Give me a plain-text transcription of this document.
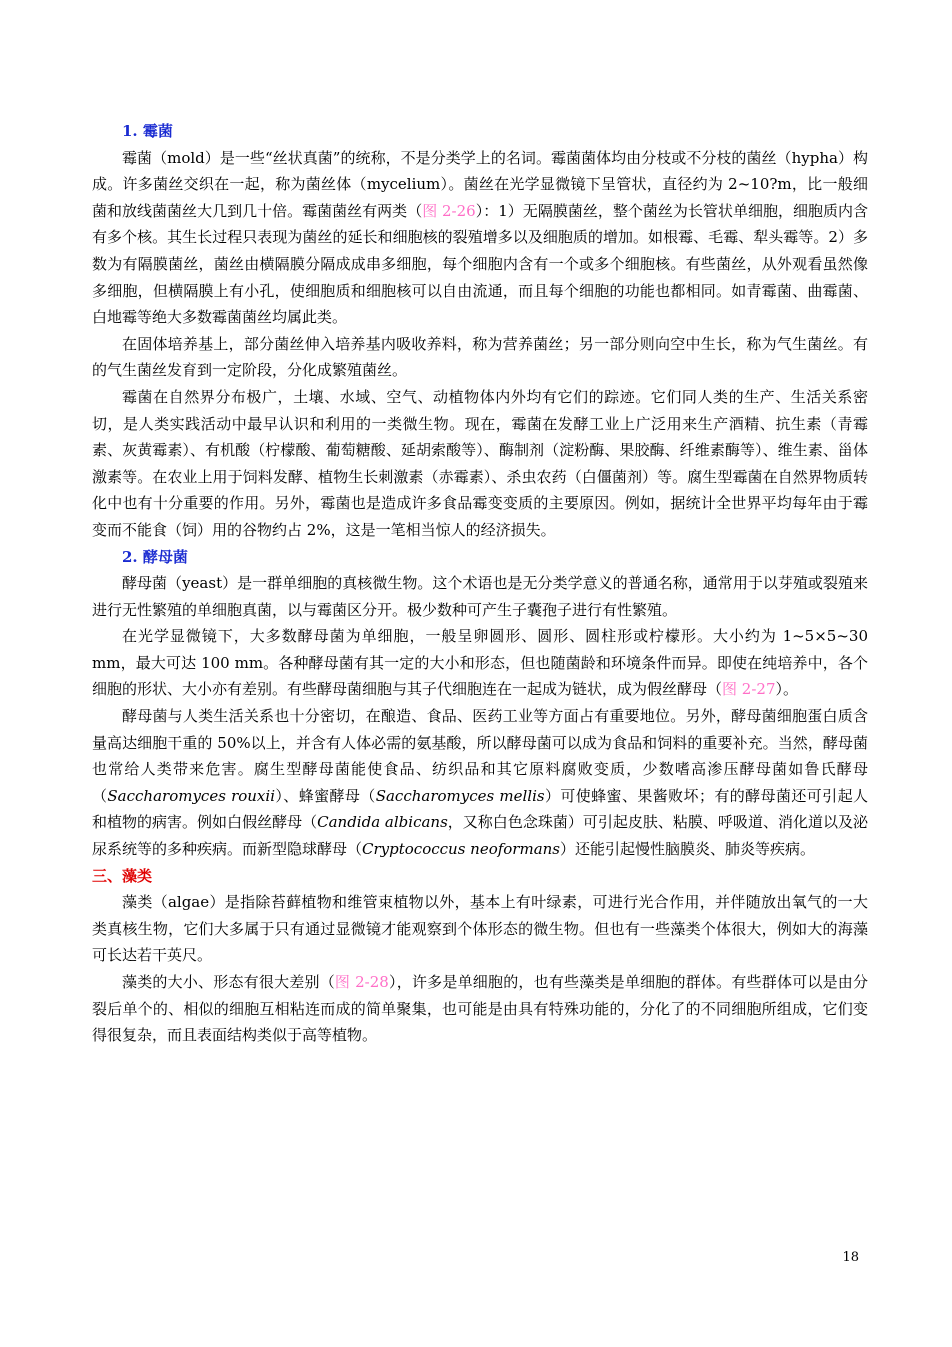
1. 霉菌

霉菌（mold）是一些“丝状真菌”的统称，不是分类学上的名词。霉菌菌体均由分枝或不分枝的菌丝（hypha）构成。许多菌丝交织在一起，称为菌丝体（mycelium）。菌丝在光学显微镜下呈管状，直径约为 2~10?m，比一般细菌和放线菌菌丝大几到几十倍。霉菌菌丝有两类（图 2-26）：1）无隔膜菌丝，整个菌丝为长管状单细胞，细胞质内含有多个核。其生长过程只表现为菌丝的延长和细胞核的裂殖增多以及细胞质的增加。如根霉、毛霉、犁头霉等。2）多数为有隔膜菌丝，菌丝由横隔膜分隔成成串多细胞，每个细胞内含有一个或多个细胞核。有些菌丝，从外观看虽然像多细胞，但横隔膜上有小孔，使细胞质和细胞核可以自由流通，而且每个细胞的功能也都相同。如青霉菌、曲霉菌、白地霉等绝大多数霉菌菌丝均属此类。

在固体培养基上，部分菌丝伸入培养基内吸收养料，称为营养菌丝；另一部分则向空中生长，称为气生菌丝。有的气生菌丝发育到一定阶段，分化成繁殖菌丝。

霉菌在自然界分布极广，土壤、水域、空气、动植物体内外均有它们的踪迹。它们同人类的生产、生活关系密切，是人类实践活动中最早认识和利用的一类微生物。现在，霉菌在发酵工业上广泛用来生产酒精、抗生素（青霉素、灰黄霉素）、有机酸（柠檬酸、葡萄糖酸、延胡索酸等）、酶制剂（淀粉酶、果胶酶、纤维素酶等）、维生素、甾体激素等。在农业上用于饲料发酵、植物生长刺激素（赤霉素）、杀虫农药（白僵菌剂）等。腐生型霉菌在自然界物质转化中也有十分重要的作用。另外，霉菌也是造成许多食品霉变变质的主要原因。例如，据统计全世界平均每年由于霉变而不能食（饲）用的谷物约占 2%，这是一笔相当惊人的经济损失。

2. 酵母菌

酵母菌（yeast）是一群单细胞的真核微生物。这个术语也是无分类学意义的普通名称，通常用于以芽殖或裂殖来进行无性繁殖的单细胞真菌，以与霉菌区分开。极少数种可产生子囊孢子进行有性繁殖。

在光学显微镜下，大多数酵母菌为单细胞，一般呈卵圆形、圆形、圆柱形或柠檬形。大小约为 1~5×5~30 mm，最大可达 100 mm。各种酵母菌有其一定的大小和形态，但也随菌龄和环境条件而异。即使在纯培养中，各个细胞的形状、大小亦有差别。有些酵母菌细胞与其子代细胞连在一起成为链状，成为假丝酵母（图 2-27）。

酵母菌与人类生活关系也十分密切，在酿造、食品、医药工业等方面占有重要地位。另外，酵母菌细胞蛋白质含量高达细胞干重的 50%以上，并含有人体必需的氨基酸，所以酵母菌可以成为食品和饲料的重要补充。当然，酵母菌也常给人类带来危害。腐生型酵母菌能使食品、纺织品和其它原料腐败变质，少数嗜高渗压酵母菌如鲁氏酵母（Saccharomyces rouxii）、蜂蜜酵母（Saccharomyces mellis）可使蜂蜜、果酱败坏；有的酵母菌还可引起人和植物的病害。例如白假丝酵母（Candida albicans，又称白色念珠菌）可引起皮肤、粘膜、呼吸道、消化道以及泌尿系统等的多种疾病。而新型隐球酵母（Cryptococcus neoformans）还能引起慢性脑膜炎、肺炎等疾病。

三、藻类

藻类（algae）是指除苔藓植物和维管束植物以外，基本上有叶绿素，可进行光合作用，并伴随放出氧气的一大类真核生物，它们大多属于只有通过显微镜才能观察到个体形态的微生物。但也有一些藻类个体很大，例如大的海藻可长达若干英尺。

藻类的大小、形态有很大差别（图 2-28），许多是单细胞的，也有些藻类是单细胞的群体。有些群体可以是由分裂后单个的、相似的细胞互相粘连而成的简单聚集，也可能是由具有特殊功能的，分化了的不同细胞所组成，它们变得很复杂，而且表面结构类似于高等植物。

18
